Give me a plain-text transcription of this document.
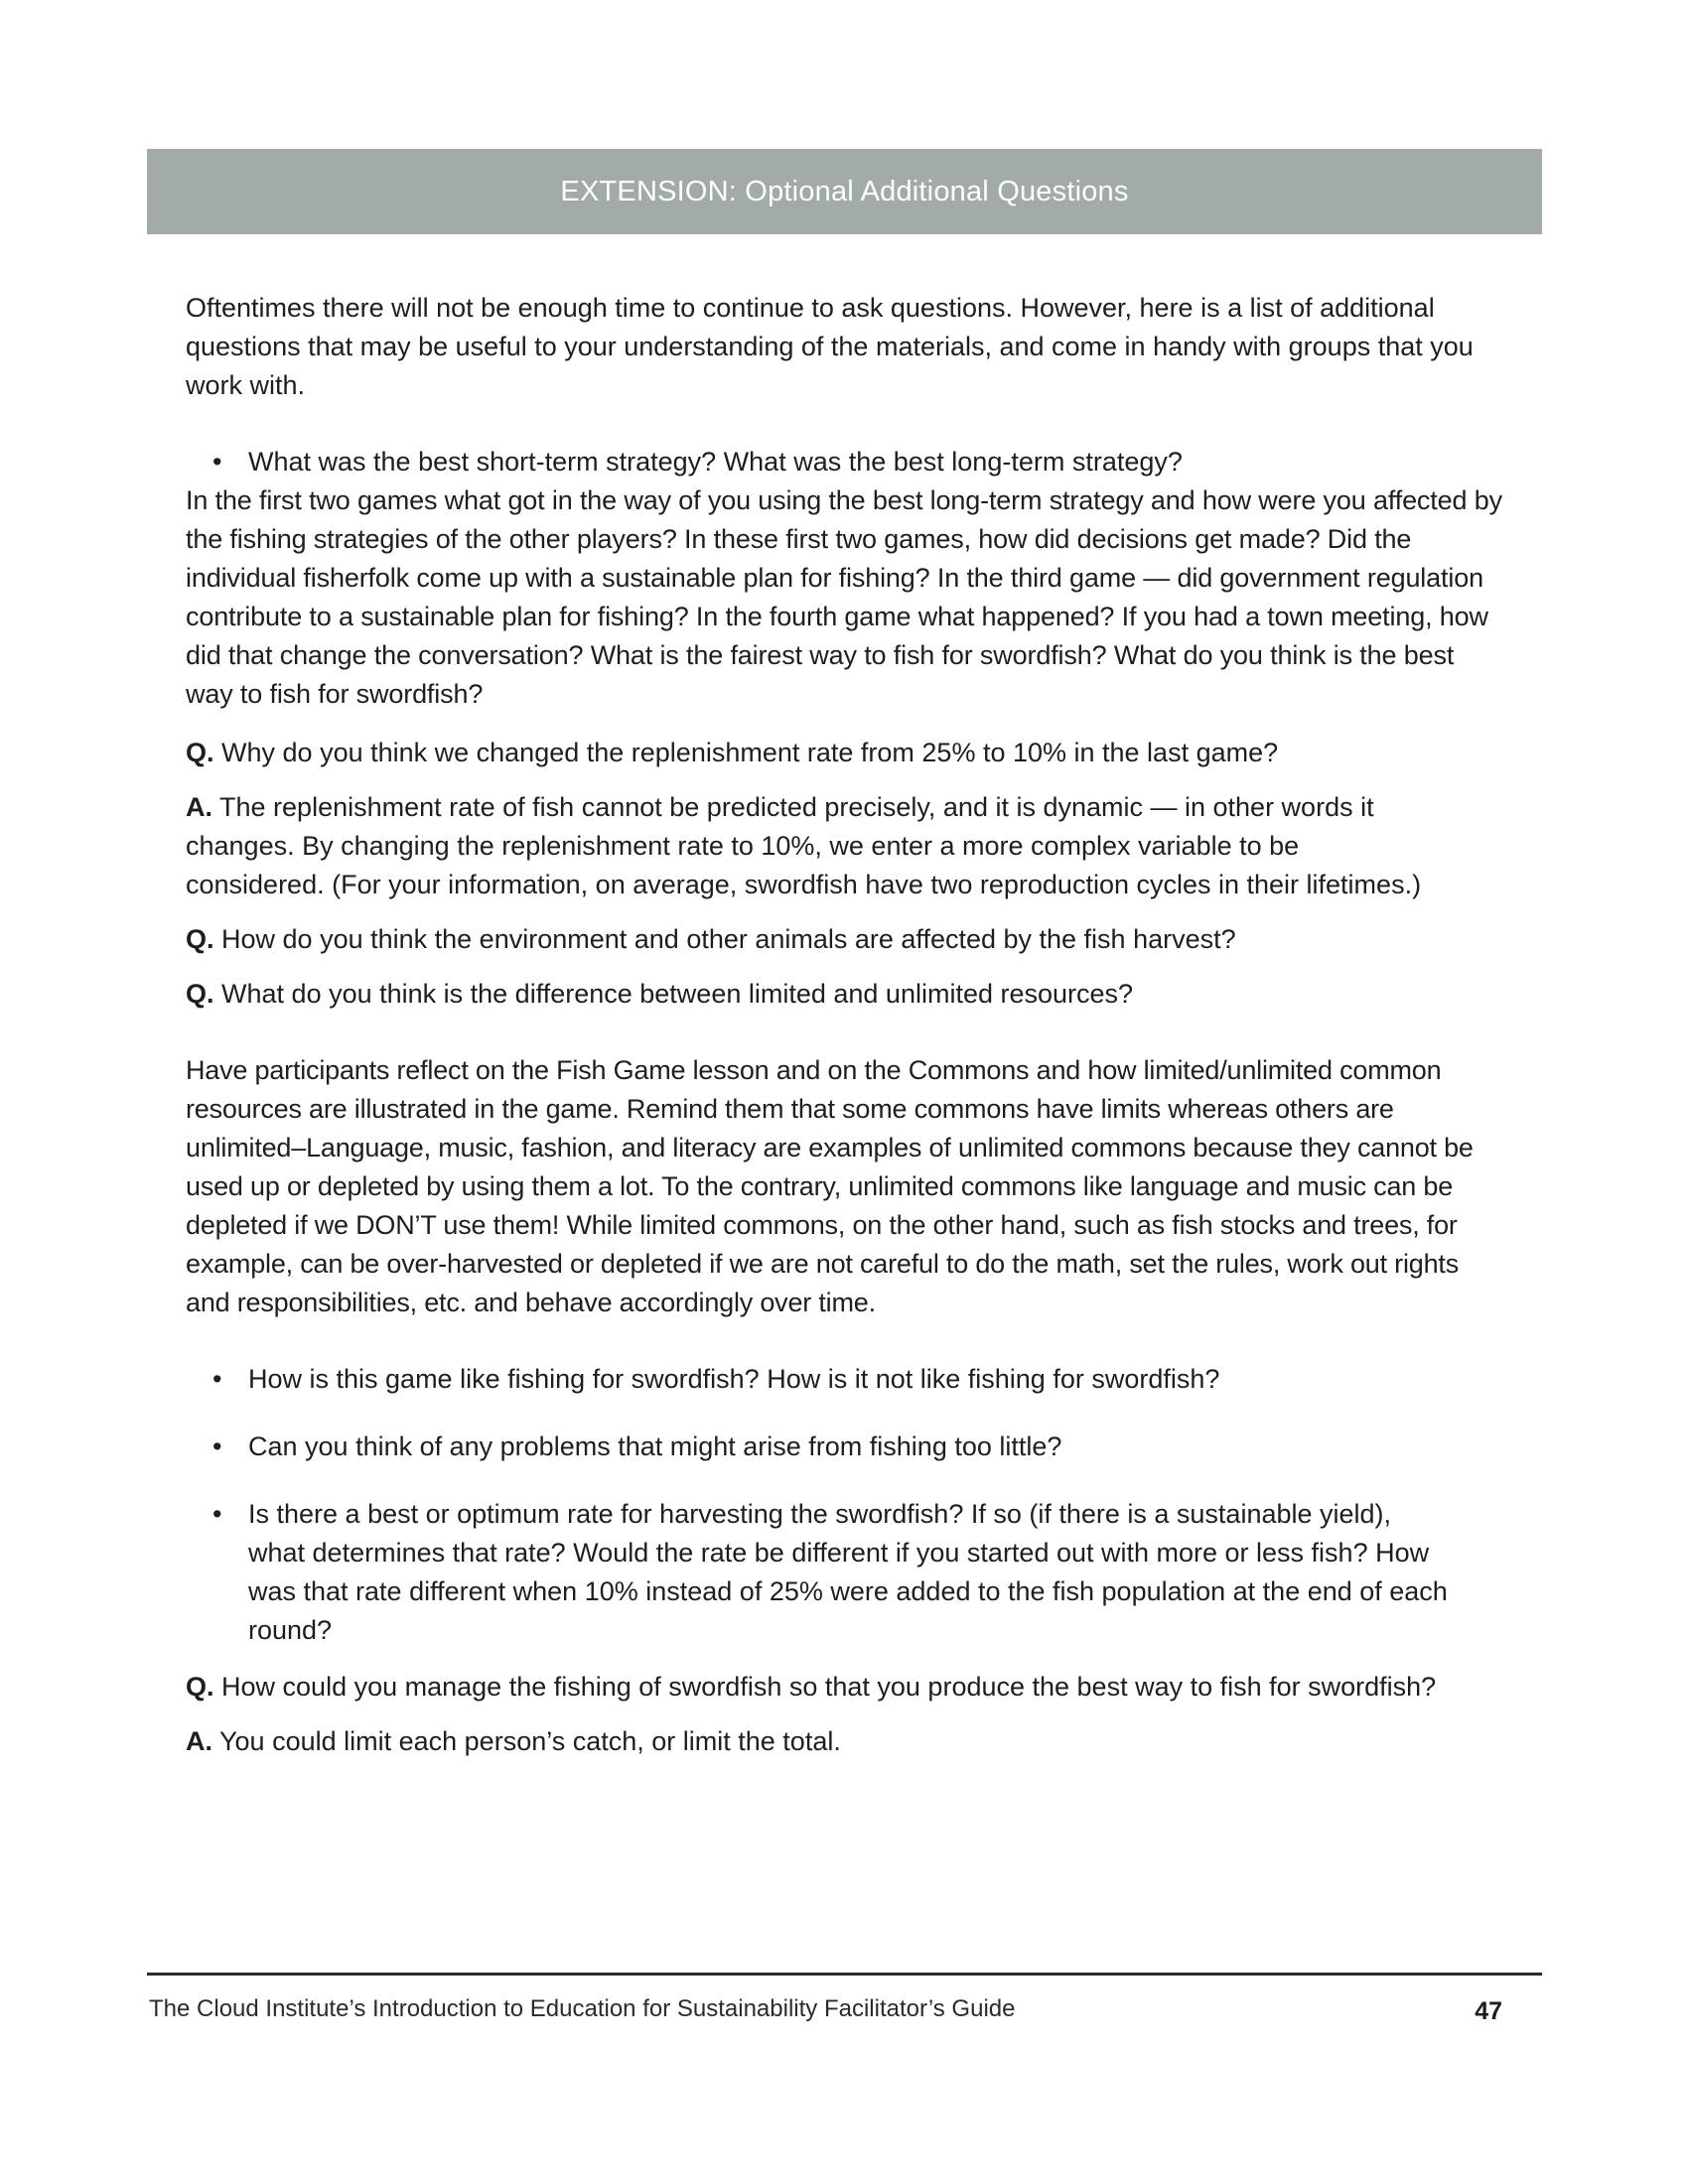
EXTENSION: Optional Additional Questions

Oftentimes there will not be enough time to continue to ask questions. However, here is a list of additional questions that may be useful to your understanding of the materials, and come in handy with groups that you work with.

• What was the best short-term strategy? What was the best long-term strategy?

In the first two games what got in the way of you using the best long-term strategy and how were you affected by the fishing strategies of the other players? In these first two games, how did decisions get made? Did the individual fisherfolk come up with a sustainable plan for fishing? In the third game — did government regulation contribute to a sustainable plan for fishing? In the fourth game what happened? If you had a town meeting, how did that change the conversation? What is the fairest way to fish for swordfish? What do you think is the best way to fish for swordfish?

Q. Why do you think we changed the replenishment rate from 25% to 10% in the last game?

A. The replenishment rate of fish cannot be predicted precisely, and it is dynamic — in other words it changes. By changing the replenishment rate to 10%, we enter a more complex variable to be considered. (For your information, on average, swordfish have two reproduction cycles in their lifetimes.)

Q. How do you think the environment and other animals are affected by the fish harvest?

Q. What do you think is the difference between limited and unlimited resources?

Have participants reflect on the Fish Game lesson and on the Commons and how limited/unlimited common resources are illustrated in the game. Remind them that some commons have limits whereas others are unlimited–Language, music, fashion, and literacy are examples of unlimited commons because they cannot be used up or depleted by using them a lot. To the contrary, unlimited commons like language and music can be depleted if we DON’T use them! While limited commons, on the other hand, such as fish stocks and trees, for example, can be over-harvested or depleted if we are not careful to do the math, set the rules, work out rights and responsibilities, etc. and behave accordingly over time.

• How is this game like fishing for swordfish? How is it not like fishing for swordfish?
• Can you think of any problems that might arise from fishing too little?
• Is there a best or optimum rate for harvesting the swordfish? If so (if there is a sustainable yield), what determines that rate? Would the rate be different if you started out with more or less fish? How was that rate different when 10% instead of 25% were added to the fish population at the end of each round?

Q. How could you manage the fishing of swordfish so that you produce the best way to fish for swordfish?

A. You could limit each person’s catch, or limit the total.

The Cloud Institute’s Introduction to Education for Sustainability Facilitator’s Guide	47
